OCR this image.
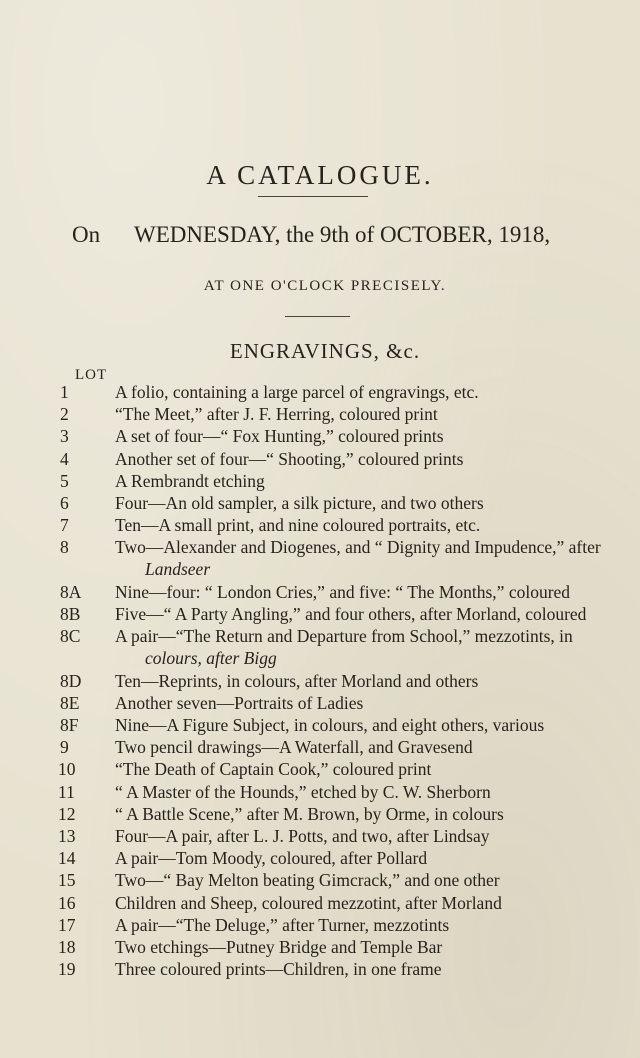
A CATALOGUE.
On WEDNESDAY, the 9th of OCTOBER, 1918,
AT ONE O'CLOCK PRECISELY.
ENGRAVINGS, &c.
LOT
1	A folio, containing a large parcel of engravings, etc.
2	“The Meet,” after J. F. Herring, coloured print
3	A set of four—“ Fox Hunting,” coloured prints
4	Another set of four—“ Shooting,” coloured prints
5	A Rembrandt etching
6	Four—An old sampler, a silk picture, and two others
7	Ten—A small print, and nine coloured portraits, etc.
8	Two—Alexander and Diogenes, and “ Dignity and Impudence,” after
Landseer
8A	Nine—four: “ London Cries,” and five: “ The Months,” coloured
8B	Five—“ A Party Angling,” and four others, after Morland, coloured
8C	A pair—“The Return and Departure from School,” mezzotints, in
colours, after Bigg
8D	Ten—Reprints, in colours, after Morland and others
8E	Another seven—Portraits of Ladies
8F	Nine—A Figure Subject, in colours, and eight others, various
9	Two pencil drawings—A Waterfall, and Gravesend
10	“The Death of Captain Cook,” coloured print
11	“ A Master of the Hounds,” etched by C. W. Sherborn
12	“ A Battle Scene,” after M. Brown, by Orme, in colours
13	Four—A pair, after L. J. Potts, and two, after Lindsay
14	A pair—Tom Moody, coloured, after Pollard
15	Two—“ Bay Melton beating Gimcrack,” and one other
16	Children and Sheep, coloured mezzotint, after Morland
17	A pair—“The Deluge,” after Turner, mezzotints
18	Two etchings—Putney Bridge and Temple Bar
19	Three coloured prints—Children, in one frame
